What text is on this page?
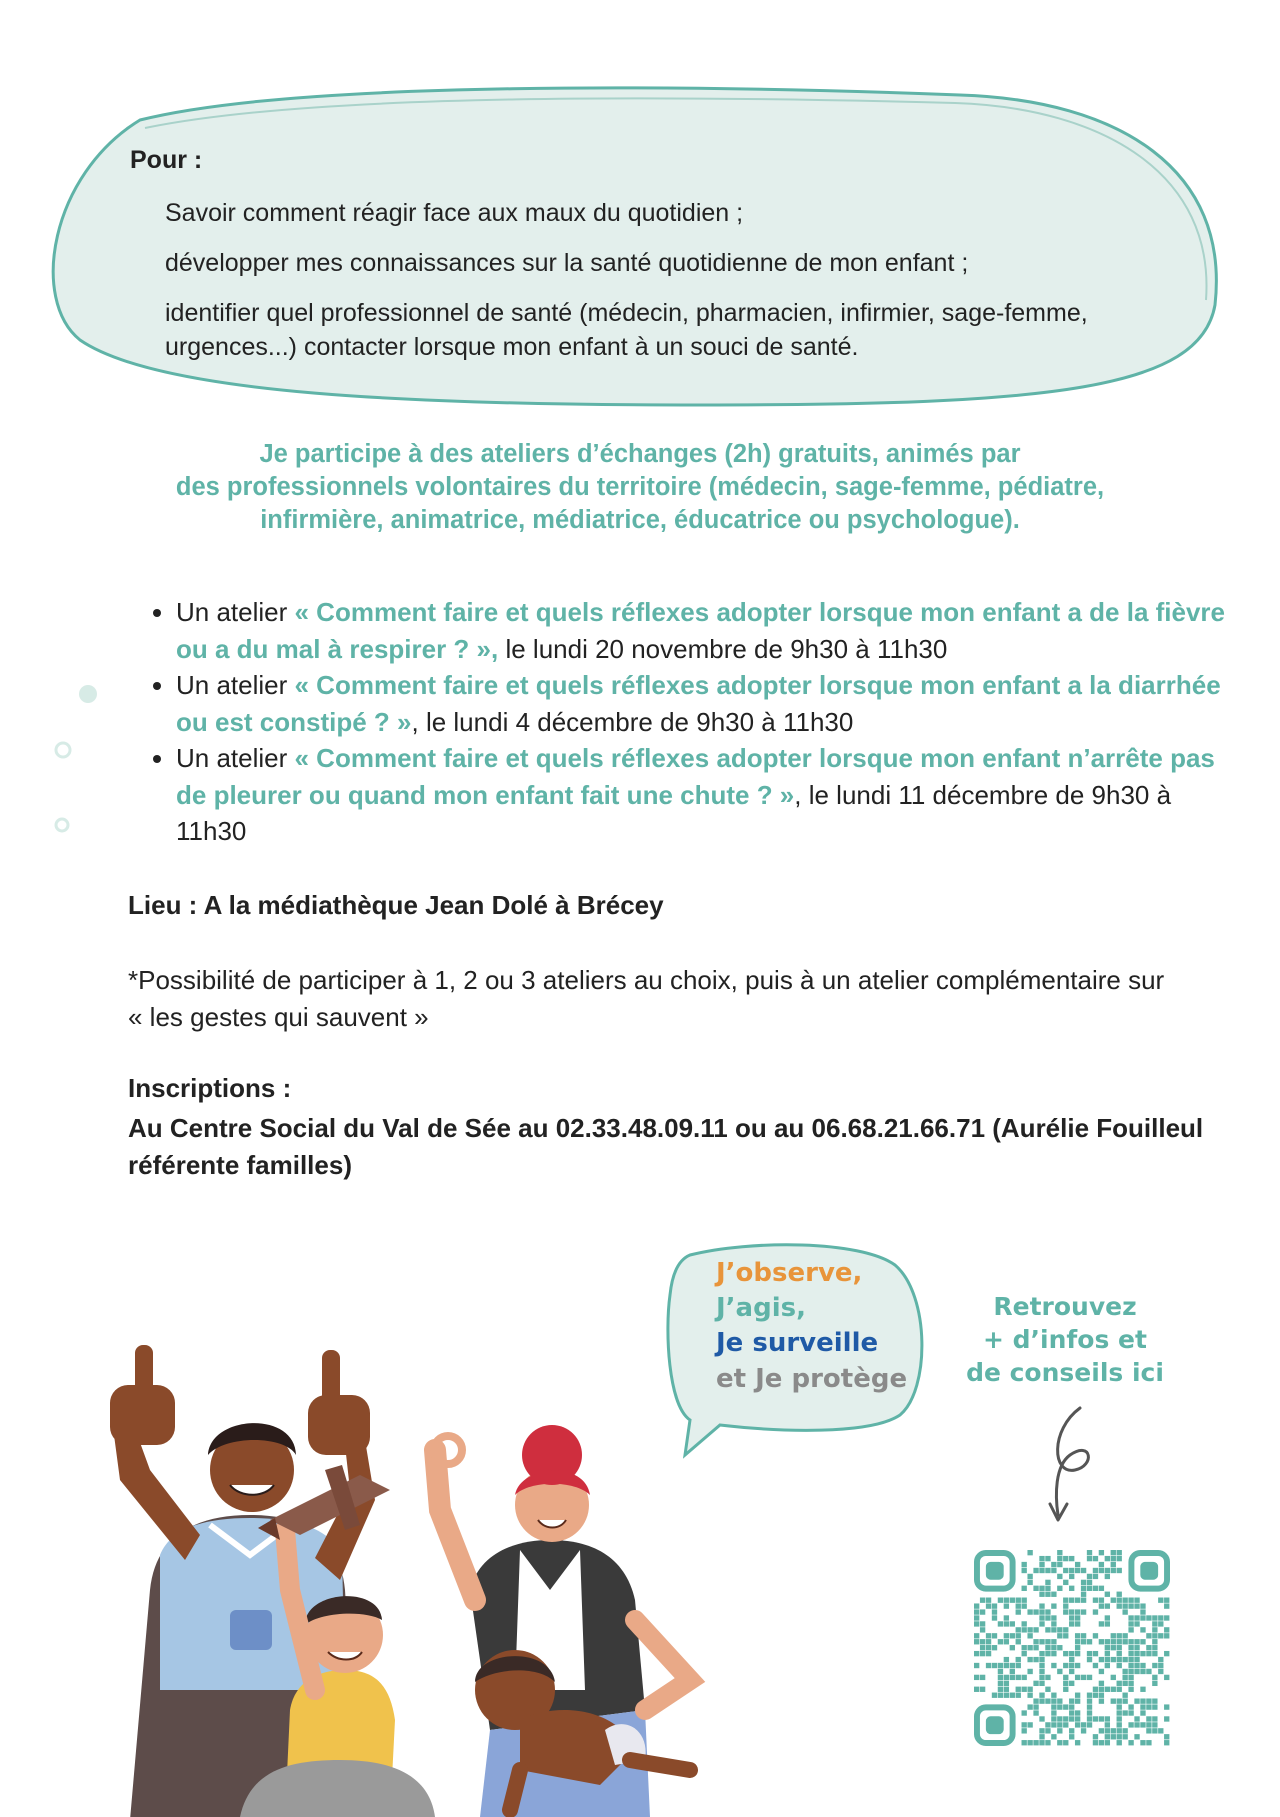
Pour :
Savoir comment réagir face aux maux du quotidien ;
développer mes connaissances sur la santé quotidienne de mon enfant ;
identifier quel professionnel de santé (médecin, pharmacien, infirmier, sage-femme, urgences...) contacter lorsque mon enfant à un souci de santé.
Je participe à des ateliers d’échanges (2h) gratuits, animés par
des professionnels volontaires du territoire (médecin, sage-femme, pédiatre,
infirmière, animatrice, médiatrice, éducatrice ou psychologue).
• Un atelier « Comment faire et quels réflexes adopter lorsque mon enfant a de la fièvre ou a du mal à respirer ? », le lundi 20 novembre de 9h30 à 11h30
• Un atelier « Comment faire et quels réflexes adopter lorsque mon enfant a la diarrhée ou est constipé ? », le lundi 4 décembre de 9h30 à 11h30
• Un atelier « Comment faire et quels réflexes adopter lorsque mon enfant n’arrête pas de pleurer ou quand mon enfant fait une chute ? », le lundi 11 décembre de 9h30 à 11h30
Lieu : A la médiathèque Jean Dolé à Brécey
*Possibilité de participer à 1, 2 ou 3 ateliers au choix, puis à un atelier complémentaire sur « les gestes qui sauvent »
Inscriptions :
Au Centre Social du Val de Sée au 02.33.48.09.11 ou au 06.68.21.66.71 (Aurélie Fouilleul référente familles)
J’observe,
J’agis,
Je surveille
et Je protège
Retrouvez
+ d’infos et
de conseils ici
